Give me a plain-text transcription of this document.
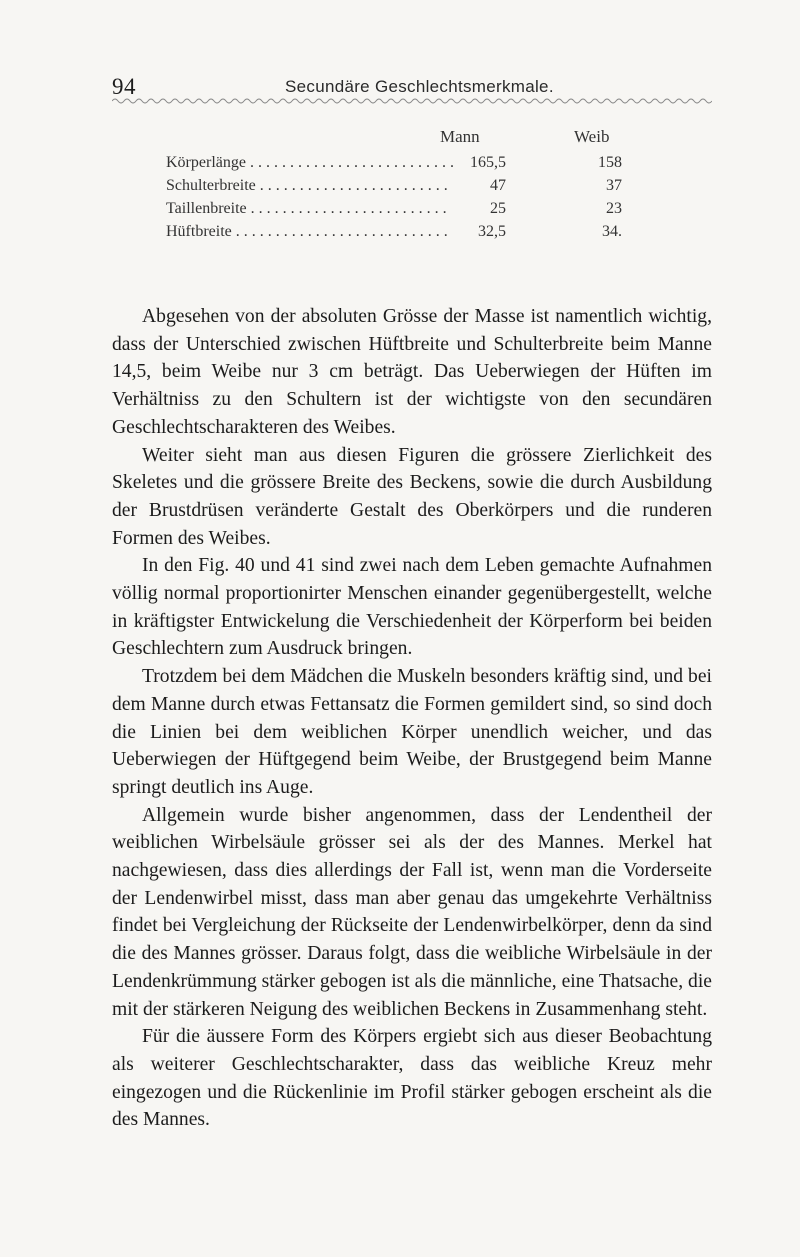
94	Secundäre Geschlechtsmerkmale.
Mann	Weib
Körperlänge . . . . . . . . . . . . . . . . . . . . . . . . . . 165,5	158
Schulterbreite . . . . . . . . . . . . . . . . . . . . . . . .	47	37
Taillenbreite . . . . . . . . . . . . . . . . . . . . . . . . .	25	23
Hüftbreite . . . . . . . . . . . . . . . . . . . . . . . . . . .	32,5	34.

Abgesehen von der absoluten Grösse der Masse ist namentlich wichtig, dass der Unterschied zwischen Hüftbreite und Schulterbreite beim Manne 14,5, beim Weibe nur 3 cm beträgt. Das Ueberwiegen der Hüften im Verhältniss zu den Schultern ist der wichtigste von den secundären Geschlechtscharakteren des Weibes.

Weiter sieht man aus diesen Figuren die grössere Zierlichkeit des Skeletes und die grössere Breite des Beckens, sowie die durch Ausbildung der Brustdrüsen veränderte Gestalt des Oberkörpers und die runderen Formen des Weibes.

In den Fig. 40 und 41 sind zwei nach dem Leben gemachte Aufnahmen völlig normal proportionirter Menschen einander gegenübergestellt, welche in kräftigster Entwickelung die Verschiedenheit der Körperform bei beiden Geschlechtern zum Ausdruck bringen.

Trotzdem bei dem Mädchen die Muskeln besonders kräftig sind, und bei dem Manne durch etwas Fettansatz die Formen gemildert sind, so sind doch die Linien bei dem weiblichen Körper unendlich weicher, und das Ueberwiegen der Hüftgegend beim Weibe, der Brustgegend beim Manne springt deutlich ins Auge.

Allgemein wurde bisher angenommen, dass der Lendentheil der weiblichen Wirbelsäule grösser sei als der des Mannes. Merkel hat nachgewiesen, dass dies allerdings der Fall ist, wenn man die Vorderseite der Lendenwirbel misst, dass man aber genau das umgekehrte Verhältniss findet bei Vergleichung der Rückseite der Lendenwirbelkörper, denn da sind die des Mannes grösser. Daraus folgt, dass die weibliche Wirbelsäule in der Lendenkrümmung stärker gebogen ist als die männliche, eine Thatsache, die mit der stärkeren Neigung des weiblichen Beckens in Zusammenhang steht.

Für die äussere Form des Körpers ergiebt sich aus dieser Beobachtung als weiterer Geschlechtscharakter, dass das weibliche Kreuz mehr eingezogen und die Rückenlinie im Profil stärker gebogen erscheint als die des Mannes.
